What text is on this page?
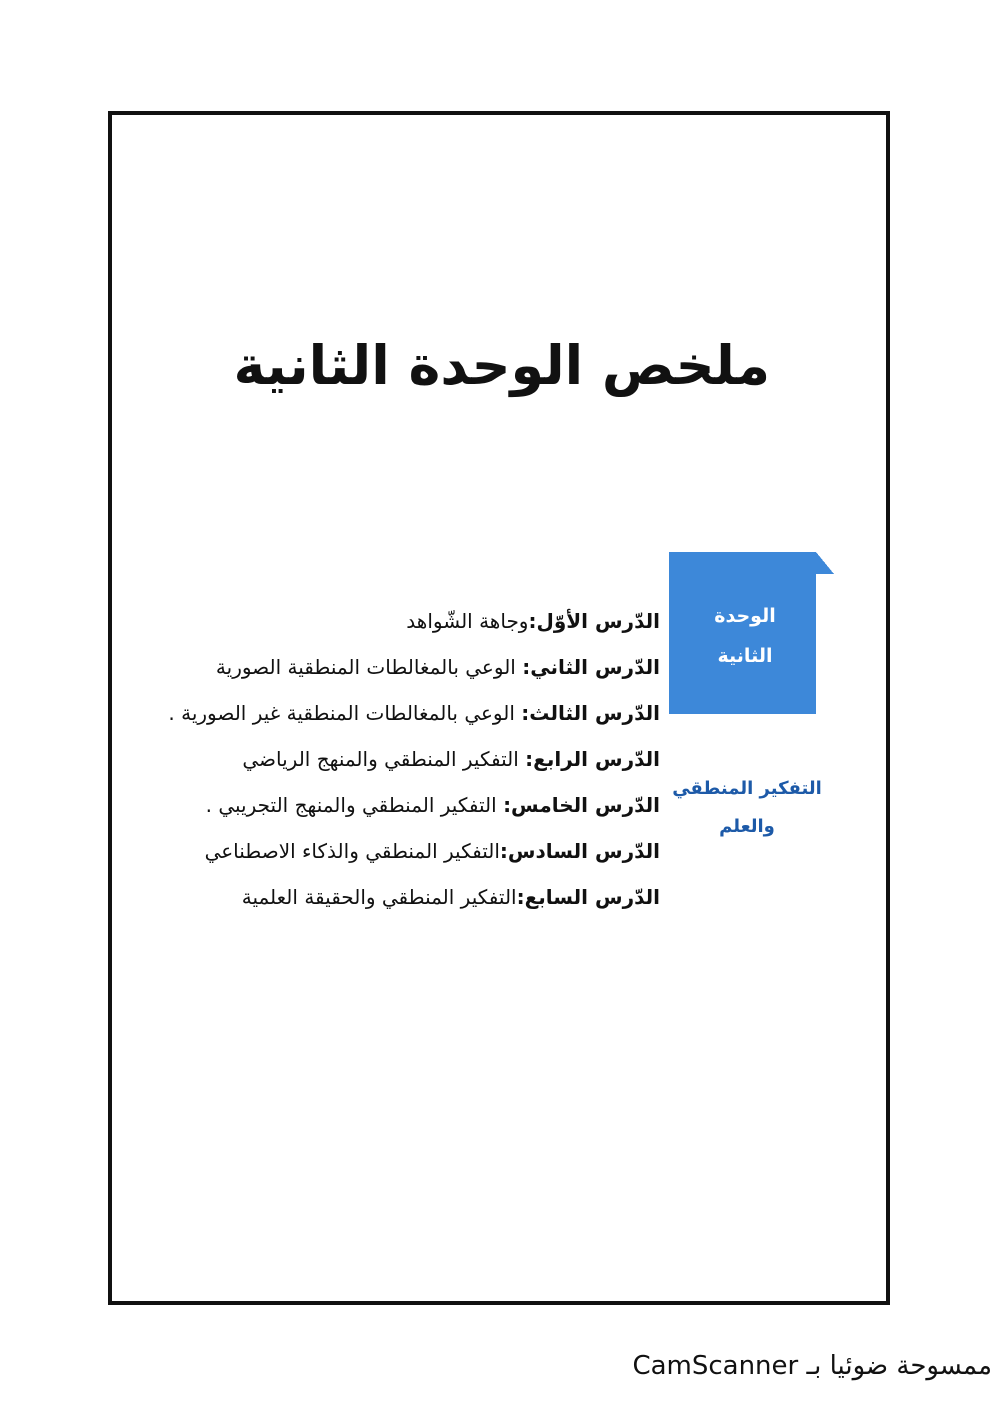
ملخص الوحدة الثانية
الوحدة
الثانية
التفكير المنطقي
والعلم
الدّرس الأوّل:وجاهة الشّواهد
الدّرس الثاني: الوعي بالمغالطات المنطقية الصورية
الدّرس الثالث: الوعي بالمغالطات المنطقية غير الصورية .
الدّرس الرابع: التفكير المنطقي والمنهج الرياضي
الدّرس الخامس: التفكير المنطقي والمنهج التجريبي .
الدّرس السادس:التفكير المنطقي والذكاء الاصطناعي
الدّرس السابع:التفكير المنطقي والحقيقة العلمية
ممسوحة ضوئيا بـ CamScanner
